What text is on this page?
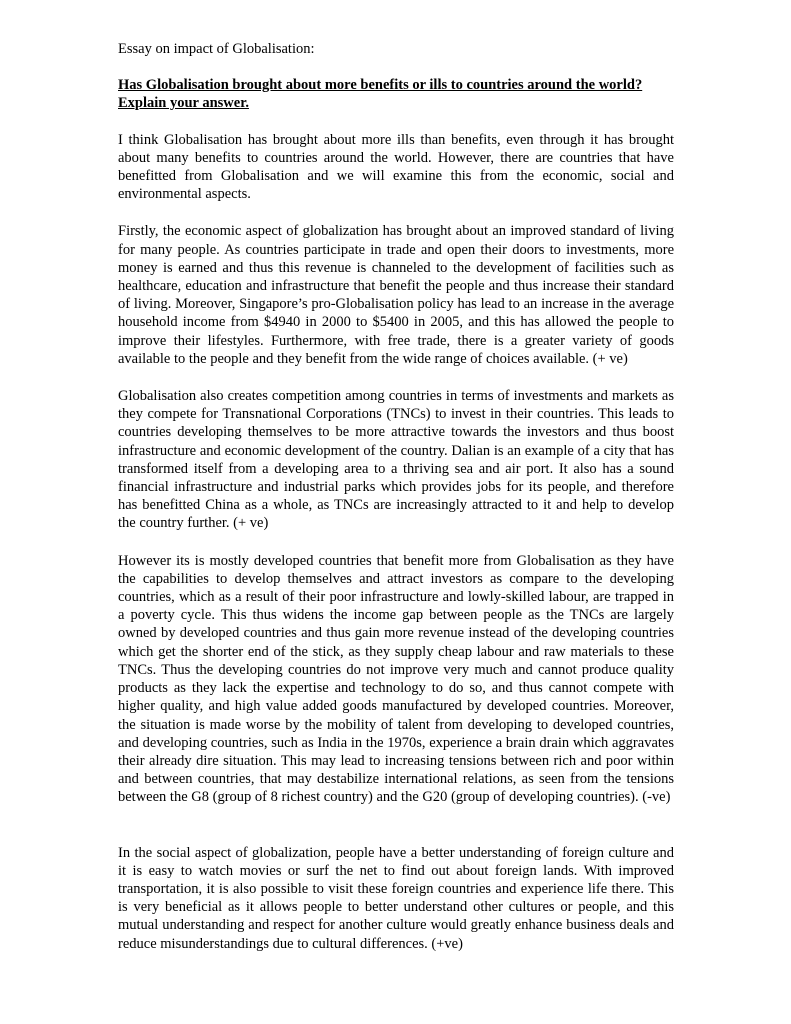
Essay on impact of Globalisation:

Has Globalisation brought about more benefits or ills to countries around the world? Explain your answer.

I think Globalisation has brought about more ills than benefits, even through it has brought about many benefits to countries around the world. However, there are countries that have benefitted from Globalisation and we will examine this from the economic, social and environmental aspects.

Firstly, the economic aspect of globalization has brought about an improved standard of living for many people. As countries participate in trade and open their doors to investments, more money is earned and thus this revenue is channeled to the development of facilities such as healthcare, education and infrastructure that benefit the people and thus increase their standard of living. Moreover, Singapore’s pro-Globalisation policy has lead to an increase in the average household income from $4940 in 2000 to $5400 in 2005, and this has allowed the people to improve their lifestyles. Furthermore, with free trade, there is a greater variety of goods available to the people and they benefit from the wide range of choices available. (+ ve)

Globalisation also creates competition among countries in terms of investments and markets as they compete for Transnational Corporations (TNCs) to invest in their countries. This leads to countries developing themselves to be more attractive towards the investors and thus boost infrastructure and economic development of the country. Dalian is an example of a city that has transformed itself from a developing area to a thriving sea and air port. It also has a sound financial infrastructure and industrial parks which provides jobs for its people, and therefore has benefitted China as a whole, as TNCs are increasingly attracted to it and help to develop the country further. (+ ve)

However its is mostly developed countries that benefit more from Globalisation as they have the capabilities to develop themselves and attract investors as compare to the developing countries, which as a result of their poor infrastructure and lowly-skilled labour, are trapped in a poverty cycle. This thus widens the income gap between people as the TNCs are largely owned by developed countries and thus gain more revenue instead of the developing countries which get the shorter end of the stick, as they supply cheap labour and raw materials to these TNCs. Thus the developing countries do not improve very much and cannot produce quality products as they lack the expertise and technology to do so, and thus cannot compete with higher quality, and high value added goods manufactured by developed countries. Moreover, the situation is made worse by the mobility of talent from developing to developed countries, and developing countries, such as India in the 1970s, experience a brain drain which aggravates their already dire situation. This may lead to increasing tensions between rich and poor within and between countries, that may destabilize international relations, as seen from the tensions between the G8 (group of 8 richest country) and the G20 (group of developing countries). (-ve)

In the social aspect of globalization, people have a better understanding of foreign culture and it is easy to watch movies or surf the net to find out about foreign lands. With improved transportation, it is also possible to visit these foreign countries and experience life there. This is very beneficial as it allows people to better understand other cultures or people, and this mutual understanding and respect for another culture would greatly enhance business deals and reduce misunderstandings due to cultural differences. (+ve)
